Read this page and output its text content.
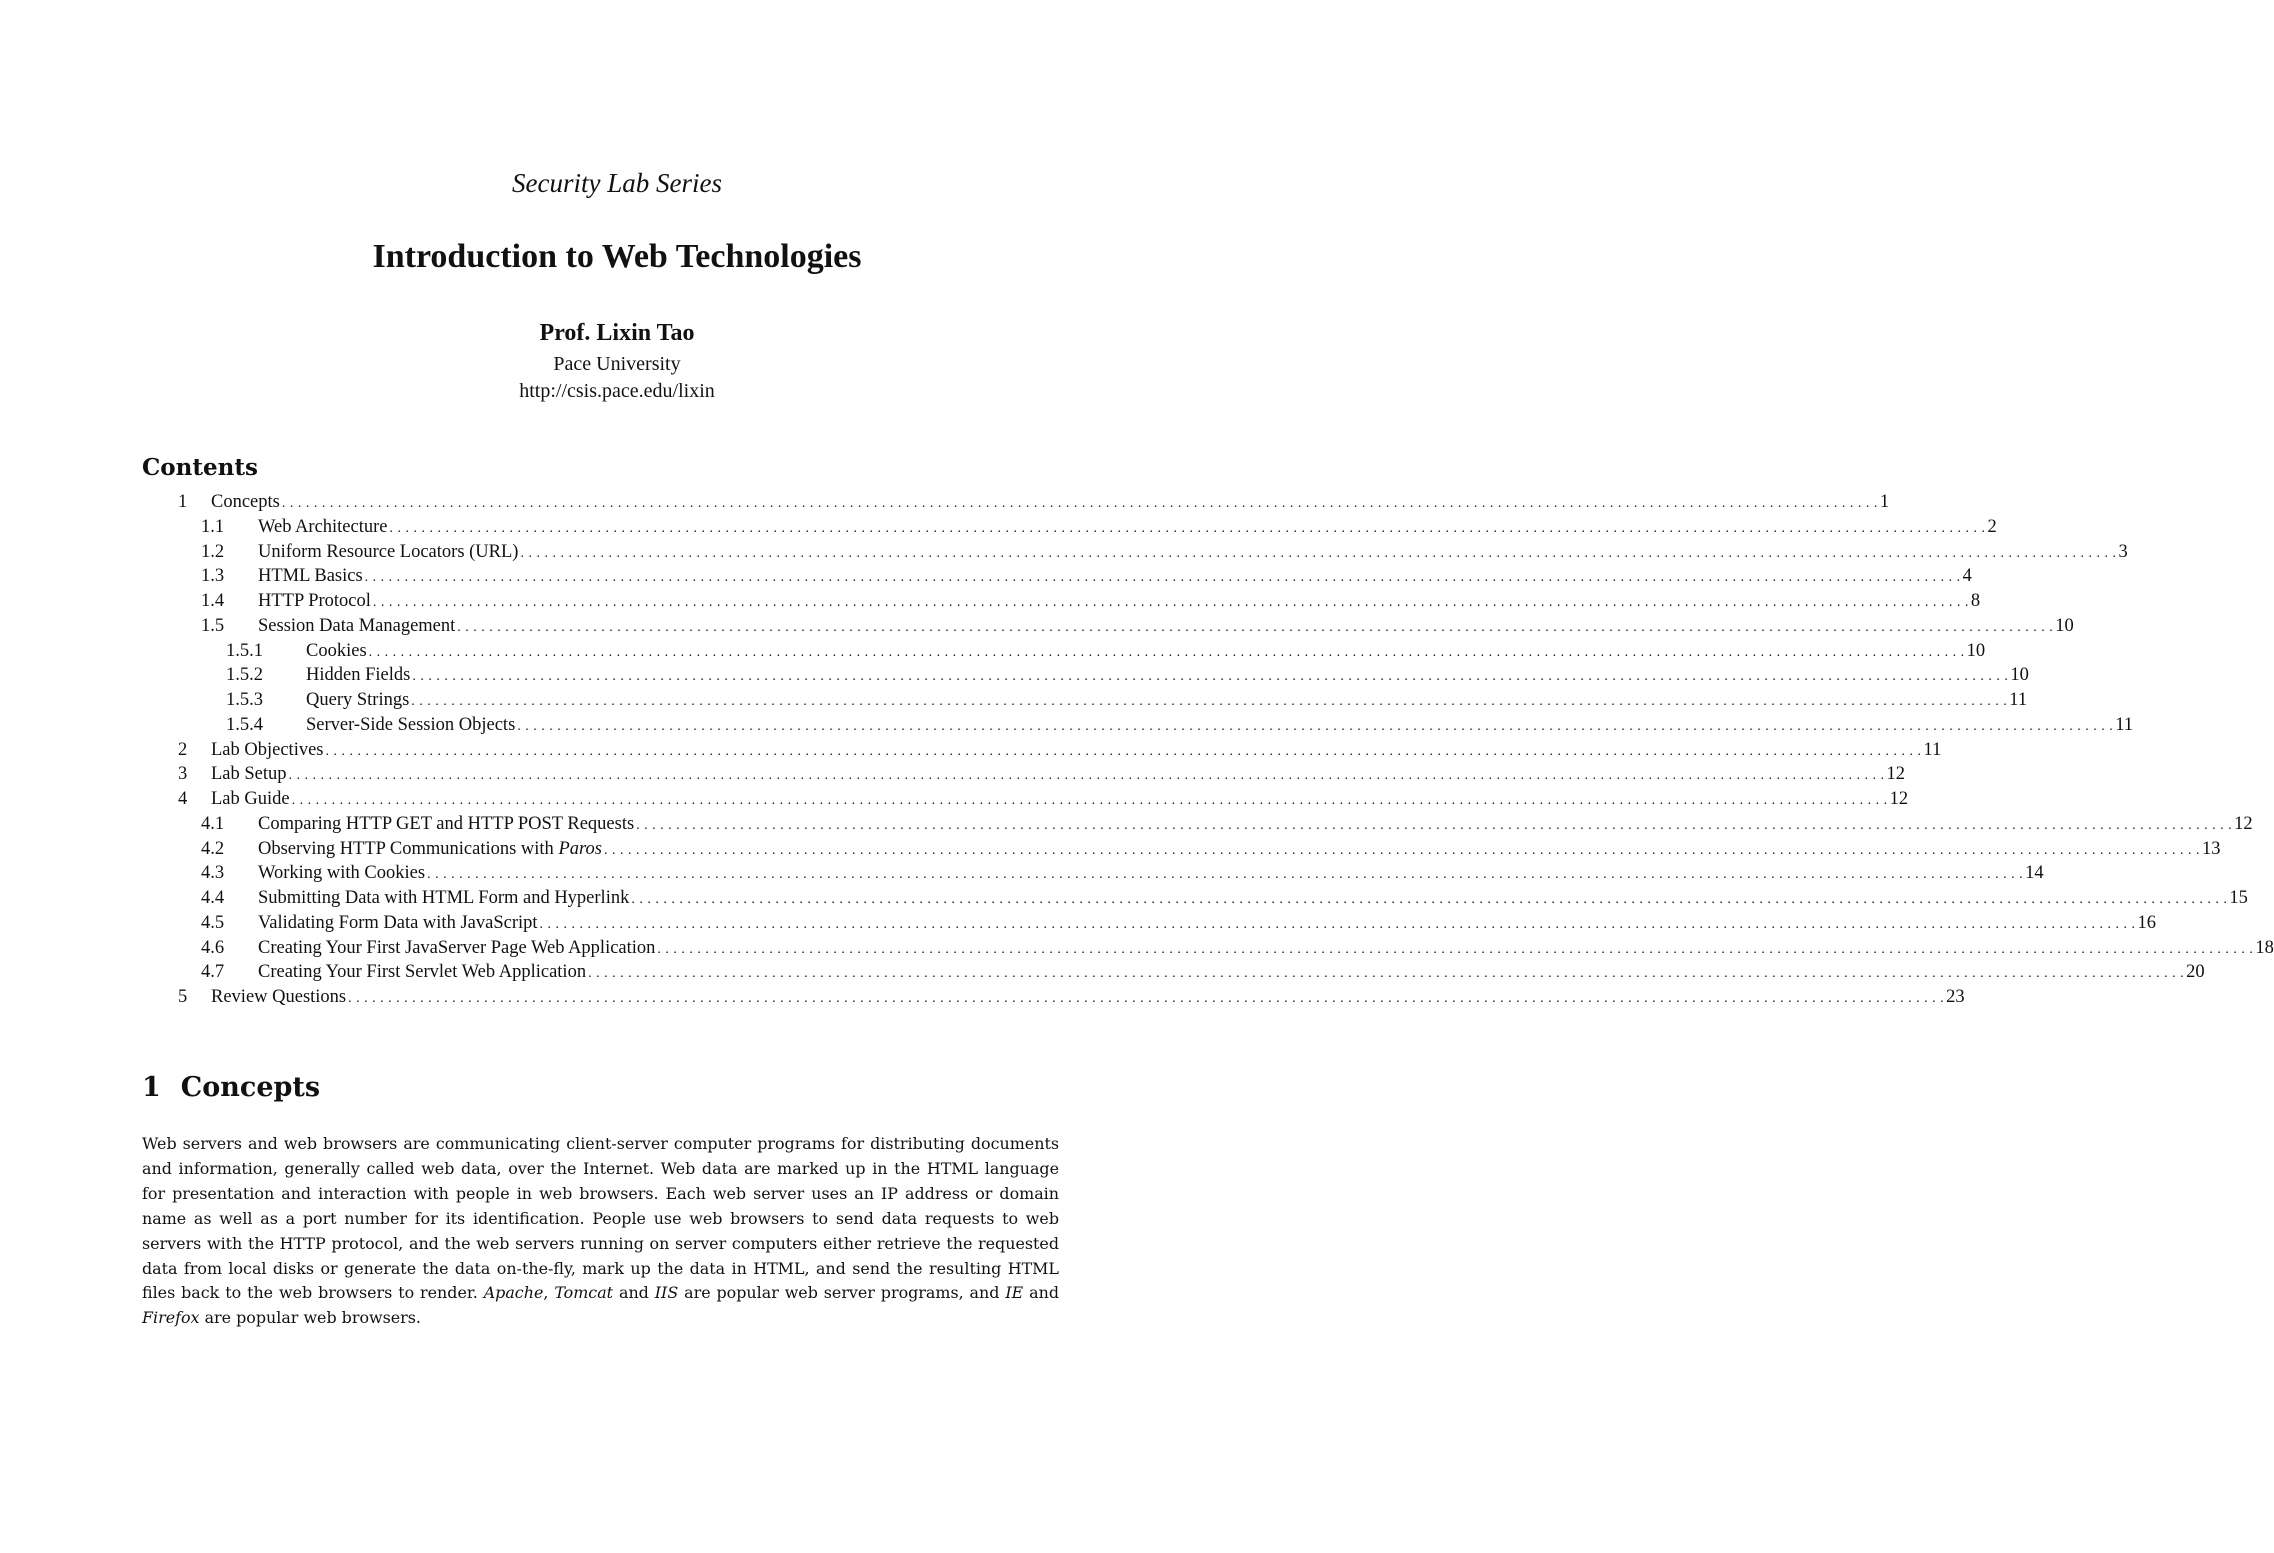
Security Lab Series
Introduction to Web Technologies
Prof. Lixin Tao
Pace University
http://csis.pace.edu/lixin
Contents
1 Concepts . . . . . . . . . . . . . . . . . . . . . . . . . . . . . . . . . . . . . . . . . . . . . . . . . . . . . . . . . . . . . . . . . . . . . . . . . . . . . . . . . . . . . . . . . . . . . . . . . . . . . . . . . . . . . . . . . . . . . . . . . . . . . . . . . . . . . . . . . . . . . . . . . . . . . . . . . . . . . . . . . . . . . . . . . . . . . . . . . . . . . . . . . . . . . . . . . . . . . . . . 1
1.1 Web Architecture . . . . . . . . . . . . . . . . . . . . . . . . . . . . . . . . . . . . . . . . . . . . . . . . . . . . . . . . . . . . . . . . . . . . . . . . . . . . . . . . . . . . . . . . . . . . . . . . . . . . . . . . . . . . . . . . . . . . . . . . . . . . . . . . . . . . . . . . . . . . . . . . . . . . . . . . . . . . . . . . . . . . . . . . . . . . . . . . . . . . . . . . . . . . . . . . . . . . . . . . 2
1.2 Uniform Resource Locators (URL) . . . . . . . . . . . . . . . . . . . . . . . . . . . . . . . . . . . . . . . . . . . . . . . . . . . . . . . . . . . . . . . . . . . . . . . . . . . . . . . . . . . . . . . . . . . . . . . . . . . . . . . . . . . . . . . . . . . . . . . . . . . . . . . . . . . . . . . . . . . . . . . . . . . . . . . . . . . . . . . . . . . . . . . . . . . . . . . . . . . . . . . . . . . . . . . . . . . . . . . . 3
1.3 HTML Basics . . . . . . . . . . . . . . . . . . . . . . . . . . . . . . . . . . . . . . . . . . . . . . . . . . . . . . . . . . . . . . . . . . . . . . . . . . . . . . . . . . . . . . . . . . . . . . . . . . . . . . . . . . . . . . . . . . . . . . . . . . . . . . . . . . . . . . . . . . . . . . . . . . . . . . . . . . . . . . . . . . . . . . . . . . . . . . . . . . . . . . . . . . . . . . . . . . . . . . . . 4
1.4 HTTP Protocol . . . . . . . . . . . . . . . . . . . . . . . . . . . . . . . . . . . . . . . . . . . . . . . . . . . . . . . . . . . . . . . . . . . . . . . . . . . . . . . . . . . . . . . . . . . . . . . . . . . . . . . . . . . . . . . . . . . . . . . . . . . . . . . . . . . . . . . . . . . . . . . . . . . . . . . . . . . . . . . . . . . . . . . . . . . . . . . . . . . . . . . . . . . . . . . . . . . . . . . . 8
1.5 Session Data Management . . . . . . . . . . . . . . . . . . . . . . . . . . . . . . . . . . . . . . . . . . . . . . . . . . . . . . . . . . . . . . . . . . . . . . . . . . . . . . . . . . . . . . . . . . . . . . . . . . . . . . . . . . . . . . . . . . . . . . . . . . . . . . . . . . . . . . . . . . . . . . . . . . . . . . . . . . . . . . . . . . . . . . . . . . . . . . . . . . . . . . . . . . . . . . . . . . . . . . . . 10
1.5.1 Cookies . . . . . . . . . . . . . . . . . . . . . . . . . . . . . . . . . . . . . . . . . . . . . . . . . . . . . . . . . . . . . . . . . . . . . . . . . . . . . . . . . . . . . . . . . . . . . . . . . . . . . . . . . . . . . . . . . . . . . . . . . . . . . . . . . . . . . . . . . . . . . . . . . . . . . . . . . . . . . . . . . . . . . . . . . . . . . . . . . . . . . . . . . . . . . . . . . . . . . . . . 10
1.5.2 Hidden Fields . . . . . . . . . . . . . . . . . . . . . . . . . . . . . . . . . . . . . . . . . . . . . . . . . . . . . . . . . . . . . . . . . . . . . . . . . . . . . . . . . . . . . . . . . . . . . . . . . . . . . . . . . . . . . . . . . . . . . . . . . . . . . . . . . . . . . . . . . . . . . . . . . . . . . . . . . . . . . . . . . . . . . . . . . . . . . . . . . . . . . . . . . . . . . . . . . . . . . . . . 10
1.5.3 Query Strings . . . . . . . . . . . . . . . . . . . . . . . . . . . . . . . . . . . . . . . . . . . . . . . . . . . . . . . . . . . . . . . . . . . . . . . . . . . . . . . . . . . . . . . . . . . . . . . . . . . . . . . . . . . . . . . . . . . . . . . . . . . . . . . . . . . . . . . . . . . . . . . . . . . . . . . . . . . . . . . . . . . . . . . . . . . . . . . . . . . . . . . . . . . . . . . . . . . . . . . . 11
1.5.4 Server-Side Session Objects . . . . . . . . . . . . . . . . . . . . . . . . . . . . . . . . . . . . . . . . . . . . . . . . . . . . . . . . . . . . . . . . . . . . . . . . . . . . . . . . . . . . . . . . . . . . . . . . . . . . . . . . . . . . . . . . . . . . . . . . . . . . . . . . . . . . . . . . . . . . . . . . . . . . . . . . . . . . . . . . . . . . . . . . . . . . . . . . . . . . . . . . . . . . . . . . . . . . . . . . 11
2 Lab Objectives . . . . . . . . . . . . . . . . . . . . . . . . . . . . . . . . . . . . . . . . . . . . . . . . . . . . . . . . . . . . . . . . . . . . . . . . . . . . . . . . . . . . . . . . . . . . . . . . . . . . . . . . . . . . . . . . . . . . . . . . . . . . . . . . . . . . . . . . . . . . . . . . . . . . . . . . . . . . . . . . . . . . . . . . . . . . . . . . . . . . . . . . . . . . . . . . . . . . . . . . 11
3 Lab Setup . . . . . . . . . . . . . . . . . . . . . . . . . . . . . . . . . . . . . . . . . . . . . . . . . . . . . . . . . . . . . . . . . . . . . . . . . . . . . . . . . . . . . . . . . . . . . . . . . . . . . . . . . . . . . . . . . . . . . . . . . . . . . . . . . . . . . . . . . . . . . . . . . . . . . . . . . . . . . . . . . . . . . . . . . . . . . . . . . . . . . . . . . . . . . . . . . . . . . . . . 12
4 Lab Guide . . . . . . . . . . . . . . . . . . . . . . . . . . . . . . . . . . . . . . . . . . . . . . . . . . . . . . . . . . . . . . . . . . . . . . . . . . . . . . . . . . . . . . . . . . . . . . . . . . . . . . . . . . . . . . . . . . . . . . . . . . . . . . . . . . . . . . . . . . . . . . . . . . . . . . . . . . . . . . . . . . . . . . . . . . . . . . . . . . . . . . . . . . . . . . . . . . . . . . . . 12
4.1 Comparing HTTP GET and HTTP POST Requests . . . . . . . . . . . . . . . . . . . . . . . . . . . . . . . . . . . . . . . . . . . . . . . . . . . . . . . . . . . . . . . . . . . . . . . . . . . . . . . . . . . . . . . . . . . . . . . . . . . . . . . . . . . . . . . . . . . . . . . . . . . . . . . . . . . . . . . . . . . . . . . . . . . . . . . . . . . . . . . . . . . . . . . . . . . . . . . . . . . . . . . . . . . . . . . . . . . . . . . . 12
4.2 Observing HTTP Communications with Paros . . . . . . . . . . . . . . . . . . . . . . . . . . . . . . . . . . . . . . . . . . . . . . . . . . . . . . . . . . . . . . . . . . . . . . . . . . . . . . . . . . . . . . . . . . . . . . . . . . . . . . . . . . . . . . . . . . . . . . . . . . . . . . . . . . . . . . . . . . . . . . . . . . . . . . . . . . . . . . . . . . . . . . . . . . . . . . . . . . . . . . . . . . . . . . . . . . . . . . . . 13
4.3 Working with Cookies . . . . . . . . . . . . . . . . . . . . . . . . . . . . . . . . . . . . . . . . . . . . . . . . . . . . . . . . . . . . . . . . . . . . . . . . . . . . . . . . . . . . . . . . . . . . . . . . . . . . . . . . . . . . . . . . . . . . . . . . . . . . . . . . . . . . . . . . . . . . . . . . . . . . . . . . . . . . . . . . . . . . . . . . . . . . . . . . . . . . . . . . . . . . . . . . . . . . . . . . 14
4.4 Submitting Data with HTML Form and Hyperlink . . . . . . . . . . . . . . . . . . . . . . . . . . . . . . . . . . . . . . . . . . . . . . . . . . . . . . . . . . . . . . . . . . . . . . . . . . . . . . . . . . . . . . . . . . . . . . . . . . . . . . . . . . . . . . . . . . . . . . . . . . . . . . . . . . . . . . . . . . . . . . . . . . . . . . . . . . . . . . . . . . . . . . . . . . . . . . . . . . . . . . . . . . . . . . . . . . . . . . . . 15
4.5 Validating Form Data with JavaScript . . . . . . . . . . . . . . . . . . . . . . . . . . . . . . . . . . . . . . . . . . . . . . . . . . . . . . . . . . . . . . . . . . . . . . . . . . . . . . . . . . . . . . . . . . . . . . . . . . . . . . . . . . . . . . . . . . . . . . . . . . . . . . . . . . . . . . . . . . . . . . . . . . . . . . . . . . . . . . . . . . . . . . . . . . . . . . . . . . . . . . . . . . . . . . . . . . . . . . . . 16
4.6 Creating Your First JavaServer Page Web Application . . . . . . . . . . . . . . . . . . . . . . . . . . . . . . . . . . . . . . . . . . . . . . . . . . . . . . . . . . . . . . . . . . . . . . . . . . . . . . . . . . . . . . . . . . . . . . . . . . . . . . . . . . . . . . . . . . . . . . . . . . . . . . . . . . . . . . . . . . . . . . . . . . . . . . . . . . . . . . . . . . . . . . . . . . . . . . . . . . . . . . . . . . . . . . . . . . . . . . . . 18
4.7 Creating Your First Servlet Web Application . . . . . . . . . . . . . . . . . . . . . . . . . . . . . . . . . . . . . . . . . . . . . . . . . . . . . . . . . . . . . . . . . . . . . . . . . . . . . . . . . . . . . . . . . . . . . . . . . . . . . . . . . . . . . . . . . . . . . . . . . . . . . . . . . . . . . . . . . . . . . . . . . . . . . . . . . . . . . . . . . . . . . . . . . . . . . . . . . . . . . . . . . . . . . . . . . . . . . . . . 20
5 Review Questions . . . . . . . . . . . . . . . . . . . . . . . . . . . . . . . . . . . . . . . . . . . . . . . . . . . . . . . . . . . . . . . . . . . . . . . . . . . . . . . . . . . . . . . . . . . . . . . . . . . . . . . . . . . . . . . . . . . . . . . . . . . . . . . . . . . . . . . . . . . . . . . . . . . . . . . . . . . . . . . . . . . . . . . . . . . . . . . . . . . . . . . . . . . . . . . . . . . . . . . . 23
1 Concepts
Web servers and web browsers are communicating client-server computer programs for distributing documents and information, generally called web data, over the Internet. Web data are marked up in the HTML language for presentation and interaction with people in web browsers. Each web server uses an IP address or domain name as well as a port number for its identification. People use web browsers to send data requests to web servers with the HTTP protocol, and the web servers running on server computers either retrieve the requested data from local disks or generate the data on-the-fly, mark up the data in HTML, and send the resulting HTML files back to the web browsers to render. Apache, Tomcat and IIS are popular web server programs, and IE and Firefox are popular web browsers.
